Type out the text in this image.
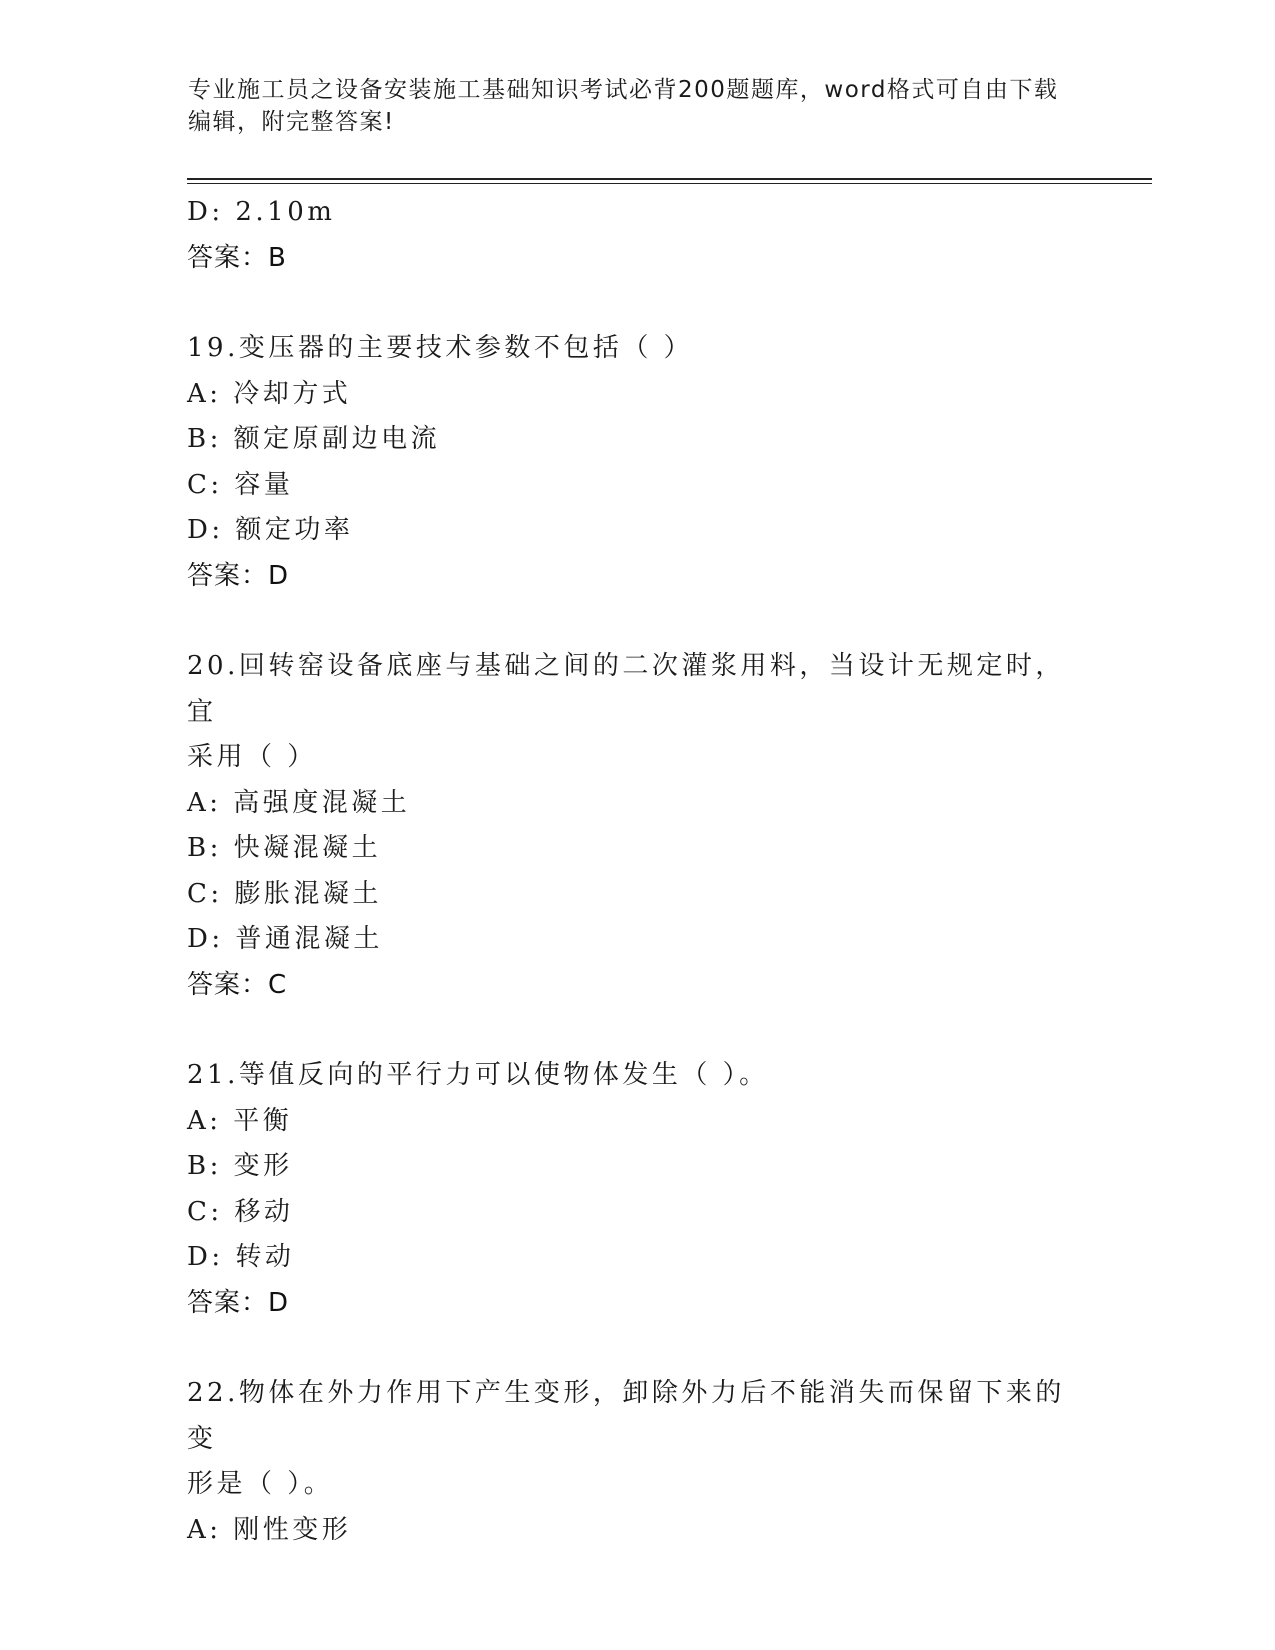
专业施工员之设备安装施工基础知识考试必背200题题库，word格式可自由下载
编辑，附完整答案!
D: 2.10m
答案：B
19.变压器的主要技术参数不包括（ ）
A: 冷却方式
B: 额定原副边电流
C: 容量
D: 额定功率
答案：D
20.回转窑设备底座与基础之间的二次灌浆用料，当设计无规定时，宜
采用（ ）
A: 高强度混凝土
B: 快凝混凝土
C: 膨胀混凝土
D: 普通混凝土
答案：C
21.等值反向的平行力可以使物体发生（ ）。
A: 平衡
B: 变形
C: 移动
D: 转动
答案：D
22.物体在外力作用下产生变形，卸除外力后不能消失而保留下来的变
形是（ ）。
A: 刚性变形
